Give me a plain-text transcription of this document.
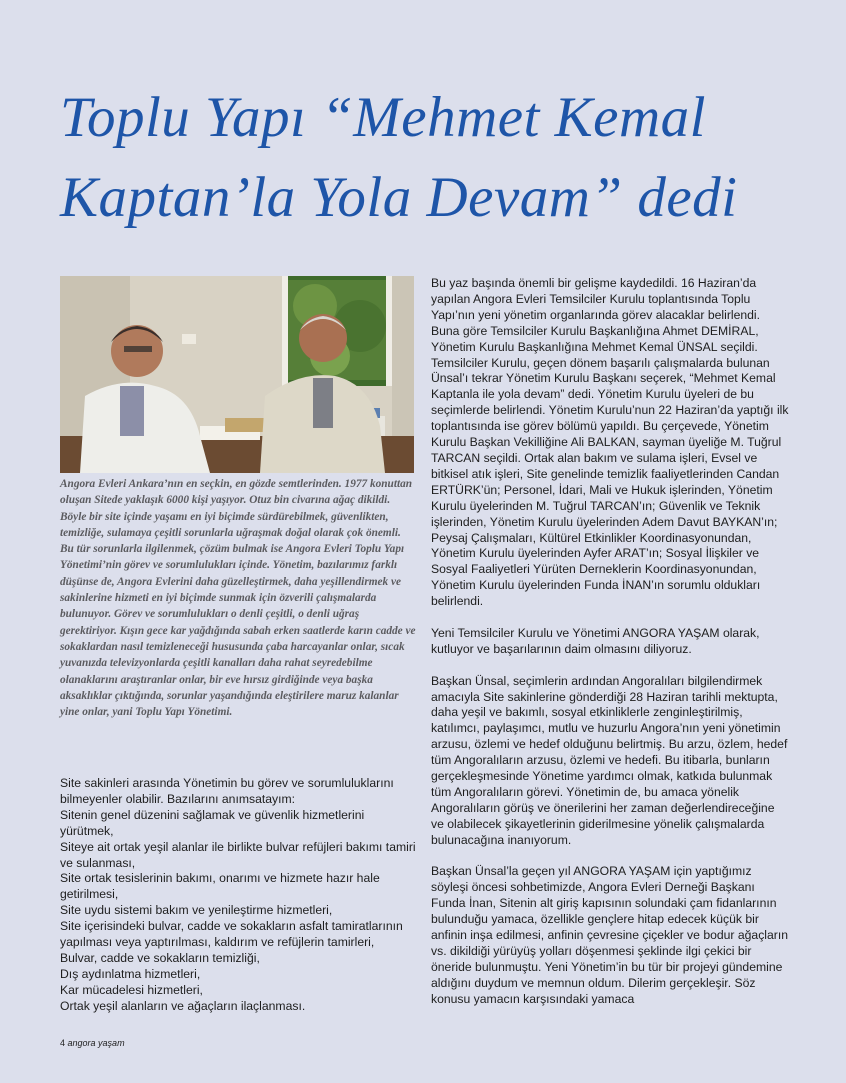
Toplu Yapı “Mehmet Kemal
Kaptan’la Yola Devam” dedi

Angora Evleri Ankara’nın en seçkin, en gözde semtlerinden. 1977 konuttan oluşan Sitede yaklaşık 6000 kişi yaşıyor. Otuz bin civarına ağaç dikildi. Böyle bir site içinde yaşamı en iyi biçimde sürdürebilmek, güvenlikten, temizliğe, sulamaya çeşitli sorunlarla uğraşmak doğal olarak çok önemli. Bu tür sorunlarla ilgilenmek, çözüm bulmak ise Angora Evleri Toplu Yapı Yönetimi’nin görev ve sorumlulukları içinde. Yönetim, bazılarımız farklı düşünse de, Angora Evlerini daha güzelleştirmek, daha yeşillendirmek ve sakinlerine hizmeti en iyi biçimde sunmak için özverili çalışmalarda bulunuyor. Görev ve sorumlulukları o denli çeşitli, o denli uğraş gerektiriyor. Kışın gece kar yağdığında sabah erken saatlerde karın cadde ve sokaklardan nasıl temizleneceği hususunda çaba harcayanlar onlar, sıcak yuvanızda televizyonlarda çeşitli kanalları daha rahat seyredebilme olanaklarını araştıranlar onlar, bir eve hırsız girdiğinde veya başka aksaklıklar çıktığında, sorunlar yaşandığında eleştirilere maruz kalanlar yine onlar, yani Toplu Yapı Yönetimi.

Site sakinleri arasında Yönetimin bu görev ve sorumluluklarını bilmeyenler olabilir. Bazılarını anımsatayım:

Sitenin genel düzenini sağlamak ve güvenlik hizmetlerini yürütmek,

Siteye ait ortak yeşil alanlar ile birlikte bulvar refüjleri bakımı tamiri ve sulanması,

Site ortak tesislerinin bakımı, onarımı ve hizmete hazır hale getirilmesi,

Site uydu sistemi bakım ve yenileştirme hizmetleri,

Site içerisindeki bulvar, cadde ve sokakların asfalt tamiratlarının yapılması veya yaptırılması, kaldırım ve refüjlerin tamirleri,

Bulvar, cadde ve sokakların temizliği,

Dış aydınlatma hizmetleri,

Kar mücadelesi hizmetleri,

Ortak yeşil alanların ve ağaçların ilaçlanması.

Bu yaz başında önemli bir gelişme kaydedildi. 16 Haziran’da yapılan Angora Evleri Temsilciler Kurulu toplantısında Toplu Yapı’nın yeni yönetim organlarında görev alacaklar belirlendi. Buna göre Temsilciler Kurulu Başkanlığına Ahmet DEMİRAL, Yönetim Kurulu Başkanlığına Mehmet Kemal ÜNSAL seçildi. Temsilciler Kurulu, geçen dönem başarılı çalışmalarda bulunan Ünsal’ı tekrar Yönetim Kurulu Başkanı seçerek, “Mehmet Kemal Kaptanla ile yola devam” dedi. Yönetim Kurulu üyeleri de bu seçimlerde belirlendi. Yönetim Kurulu’nun 22 Haziran’da yaptığı ilk toplantısında ise görev bölümü yapıldı. Bu çerçevede, Yönetim Kurulu Başkan Vekilliğine Ali BALKAN, sayman üyeliğe M. Tuğrul TARCAN seçildi. Ortak alan bakım ve sulama işleri, Evsel ve bitkisel atık işleri, Site genelinde temizlik faaliyetlerinden Candan ERTÜRK’ün; Personel, İdari, Mali ve Hukuk işlerinden, Yönetim Kurulu üyelerinden M. Tuğrul TARCAN’ın; Güvenlik ve Teknik işlerinden, Yönetim Kurulu üyelerinden Adem Davut BAYKAN’ın; Peysaj Çalışmaları, Kültürel Etkinlikler Koordinasyonundan, Yönetim Kurulu üyelerinden Ayfer ARAT’ın; Sosyal İlişkiler ve Sosyal Faaliyetleri Yürüten Derneklerin Koordinasyonundan, Yönetim Kurulu üyelerinden Funda İNAN’ın sorumlu oldukları belirlendi.

Yeni Temsilciler Kurulu ve Yönetimi ANGORA YAŞAM olarak, kutluyor ve başarılarının daim olmasını diliyoruz.

Başkan Ünsal, seçimlerin ardından Angoralıları bilgilendirmek amacıyla Site sakinlerine gönderdiği 28 Haziran tarihli mektupta, daha yeşil ve bakımlı, sosyal etkinliklerle zenginleştirilmiş, katılımcı, paylaşımcı, mutlu ve huzurlu Angora’nın yeni yönetimin arzusu, özlemi ve hedef olduğunu belirtmiş. Bu arzu, özlem, hedef tüm Angoralıların arzusu, özlemi ve hedefi. Bu itibarla, bunların gerçekleşmesinde Yönetime yardımcı olmak, katkıda bulunmak tüm Angoralıların görevi. Yönetimin de, bu amaca yönelik Angoralıların görüş ve önerilerini her zaman değerlendireceğine ve olabilecek şikayetlerinin giderilmesine yönelik çalışmalarda bulunacağına inanıyorum.

Başkan Ünsal’la geçen yıl ANGORA YAŞAM için yaptığımız söyleşi öncesi sohbetimizde, Angora Evleri Derneği Başkanı Funda İnan, Sitenin alt giriş kapısının solundaki çam fidanlarının bulunduğu yamaca, özellikle gençlere hitap edecek küçük bir anfinin inşa edilmesi, anfinin çevresine çiçekler ve bodur ağaçların vs. dikildiği yürüyüş yolları döşenmesi şeklinde ilgi çekici bir öneride bulunmuştu. Yeni Yönetim’in bu tür bir projeyi gündemine aldığını duydum ve memnun oldum. Dilerim gerçekleşir. Söz konusu yamacın karşısındaki yamaca

4 angora yaşam
